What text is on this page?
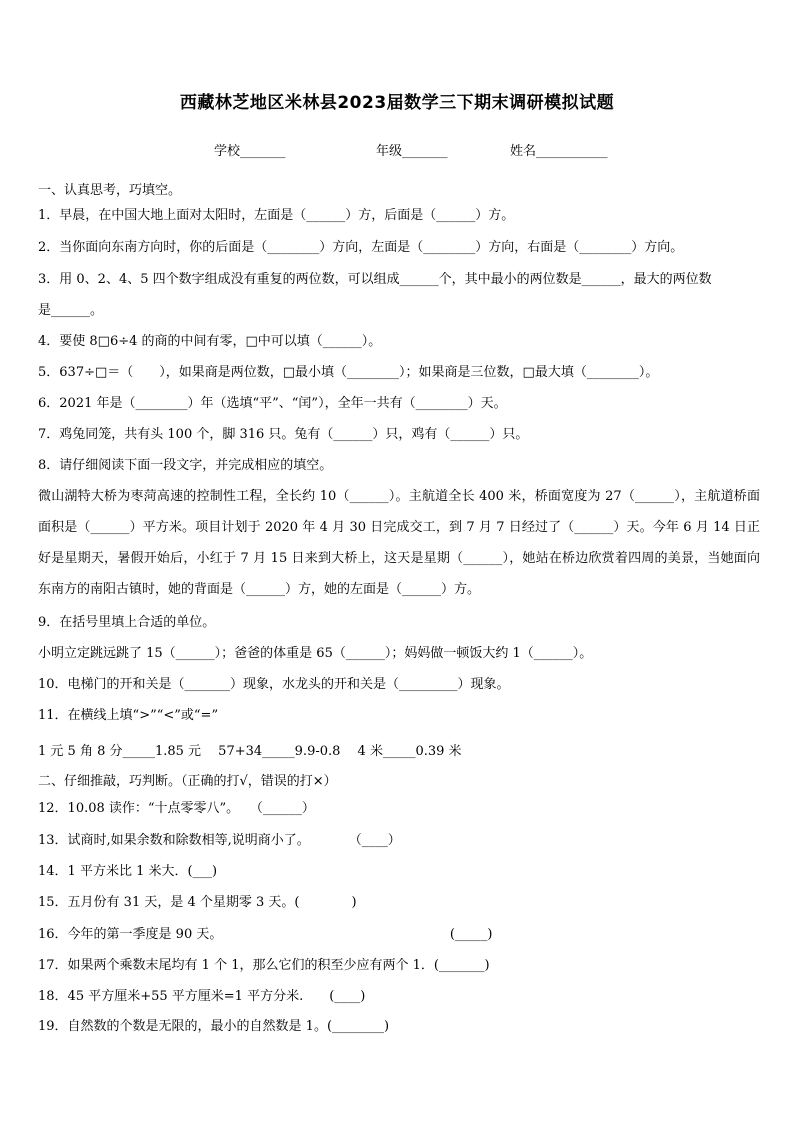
西藏林芝地区米林县2023届数学三下期末调研模拟试题
学校_______	年级_______	姓名___________
一、认真思考，巧填空。
1．早晨，在中国大地上面对太阳时，左面是（______）方，后面是（______）方。
2．当你面向东南方向时，你的后面是（________）方向，左面是（________）方向，右面是（________）方向。
3．用 0、2、4、5 四个数字组成没有重复的两位数，可以组成______个，其中最小的两位数是______，最大的两位数
是______。
4．要使 8□6÷4 的商的中间有零，□中可以填（______）。
5．637÷□＝（　　），如果商是两位数，□最小填（________）；如果商是三位数，□最大填（________）。
6．2021 年是（________）年（选填“平”、“闰”），全年一共有（________）天。
7．鸡兔同笼，共有头 100 个，脚 316 只。兔有（______）只，鸡有（______）只。
8．请仔细阅读下面一段文字，并完成相应的填空。
微山湖特大桥为枣菏高速的控制性工程，全长约 10（______）。主航道全长 400 米，桥面宽度为 27（______），主航道桥面面积是（______）平方米。项目计划于 2020 年 4 月 30 日完成交工，到 7 月 7 日经过了（______）天。今年 6 月 14 日正好是星期天，暑假开始后，小红于 7 月 15 日来到大桥上，这天是星期（______），她站在桥边欣赏着四周的美景，当她面向东南方的南阳古镇时，她的背面是（______）方，她的左面是（______）方。
9．在括号里填上合适的单位。
小明立定跳远跳了 15（______）；爸爸的体重是 65（______）；妈妈做一顿饭大约 1（______）。
10．电梯门的开和关是（_______）现象，水龙头的开和关是（_________）现象。
11．在横线上填“>”“<”或“=”
1 元 5 角 8 分_____1.85 元　 57+34_____9.9-0.8　 4 米_____0.39 米
二、仔细推敲，巧判断。（正确的打√，错误的打×）
12．10.08 读作：“十点零零八”。　 （______）
13．试商时,如果余数和除数相等,说明商小了。　　　　（____）
14．1 平方米比 1 米大．(___)
15．五月份有 31 天，是 4 个星期零 3 天。(　　　　)
16．今年的第一季度是 90 天。　　　　　　　　　　　　　　　　　　(_____)
17．如果两个乘数末尾均有 1 个 1，那么它们的积至少应有两个 1．(_______)
18．45 平方厘米+55 平方厘米=1 平方分米.　　(____)
19．自然数的个数是无限的，最小的自然数是 1。(________)
